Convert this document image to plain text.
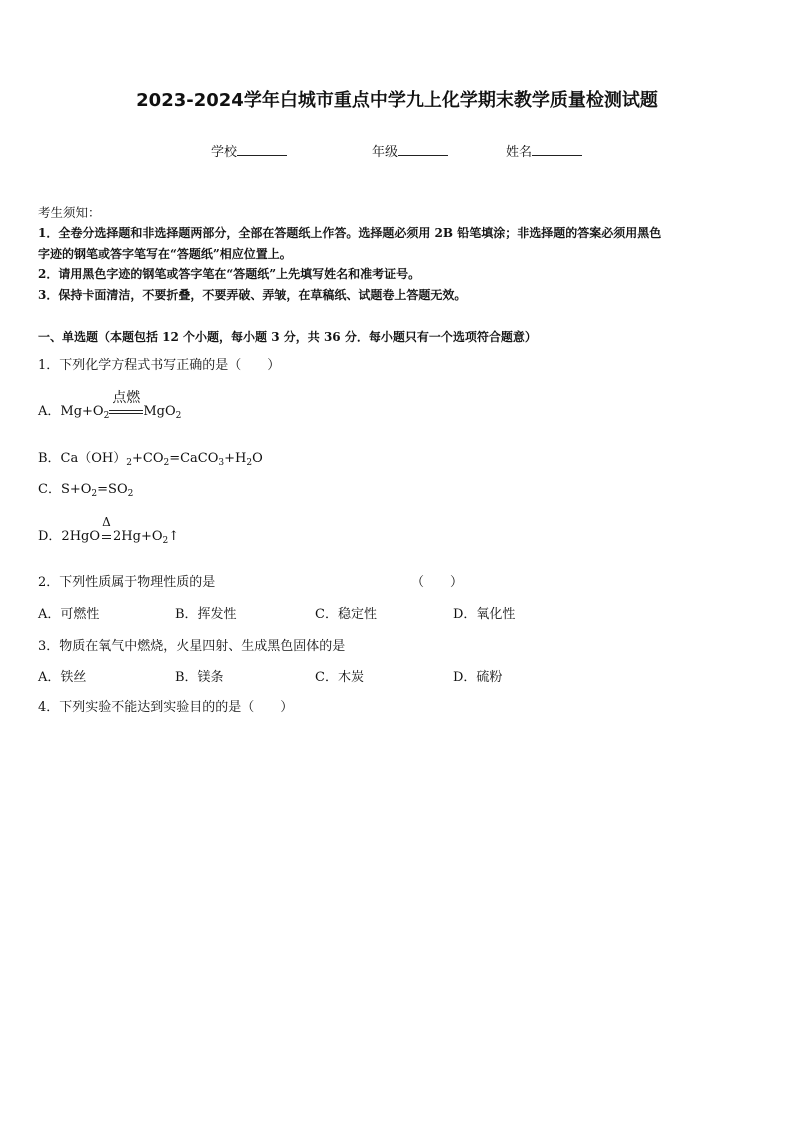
2023-2024学年白城市重点中学九上化学期末教学质量检测试题
学校	年级	姓名
考生须知：
1．全卷分选择题和非选择题两部分，全部在答题纸上作答。选择题必须用 2B 铅笔填涂；非选择题的答案必须用黑色
字迹的钢笔或答字笔写在“答题纸”相应位置上。
2．请用黑色字迹的钢笔或答字笔在“答题纸”上先填写姓名和准考证号。
3．保持卡面清洁，不要折叠，不要弄破、弄皱，在草稿纸、试题卷上答题无效。
一、单选题（本题包括 12 个小题，每小题 3 分，共 36 分．每小题只有一个选项符合题意）
1．下列化学方程式书写正确的是（　　）
A．$Mg+O_2$
点燃
MgO$_2$
B．$Ca(OH)_2+CO_2=CaCO_3+H_2O$
C．$S+O_2=SO_2$
D．2HgO
Δ
$2Hg+O_2↑$
2．下列性质属于物理性质的是	（　　）
A．可燃性	B．挥发性	C．稳定性	D．氧化性
3．物质在氧气中燃烧，火星四射、生成黑色固体的是
A．铁丝	B．镁条	C．木炭	D．硫粉
4．下列实验不能达到实验目的的是（　　）
